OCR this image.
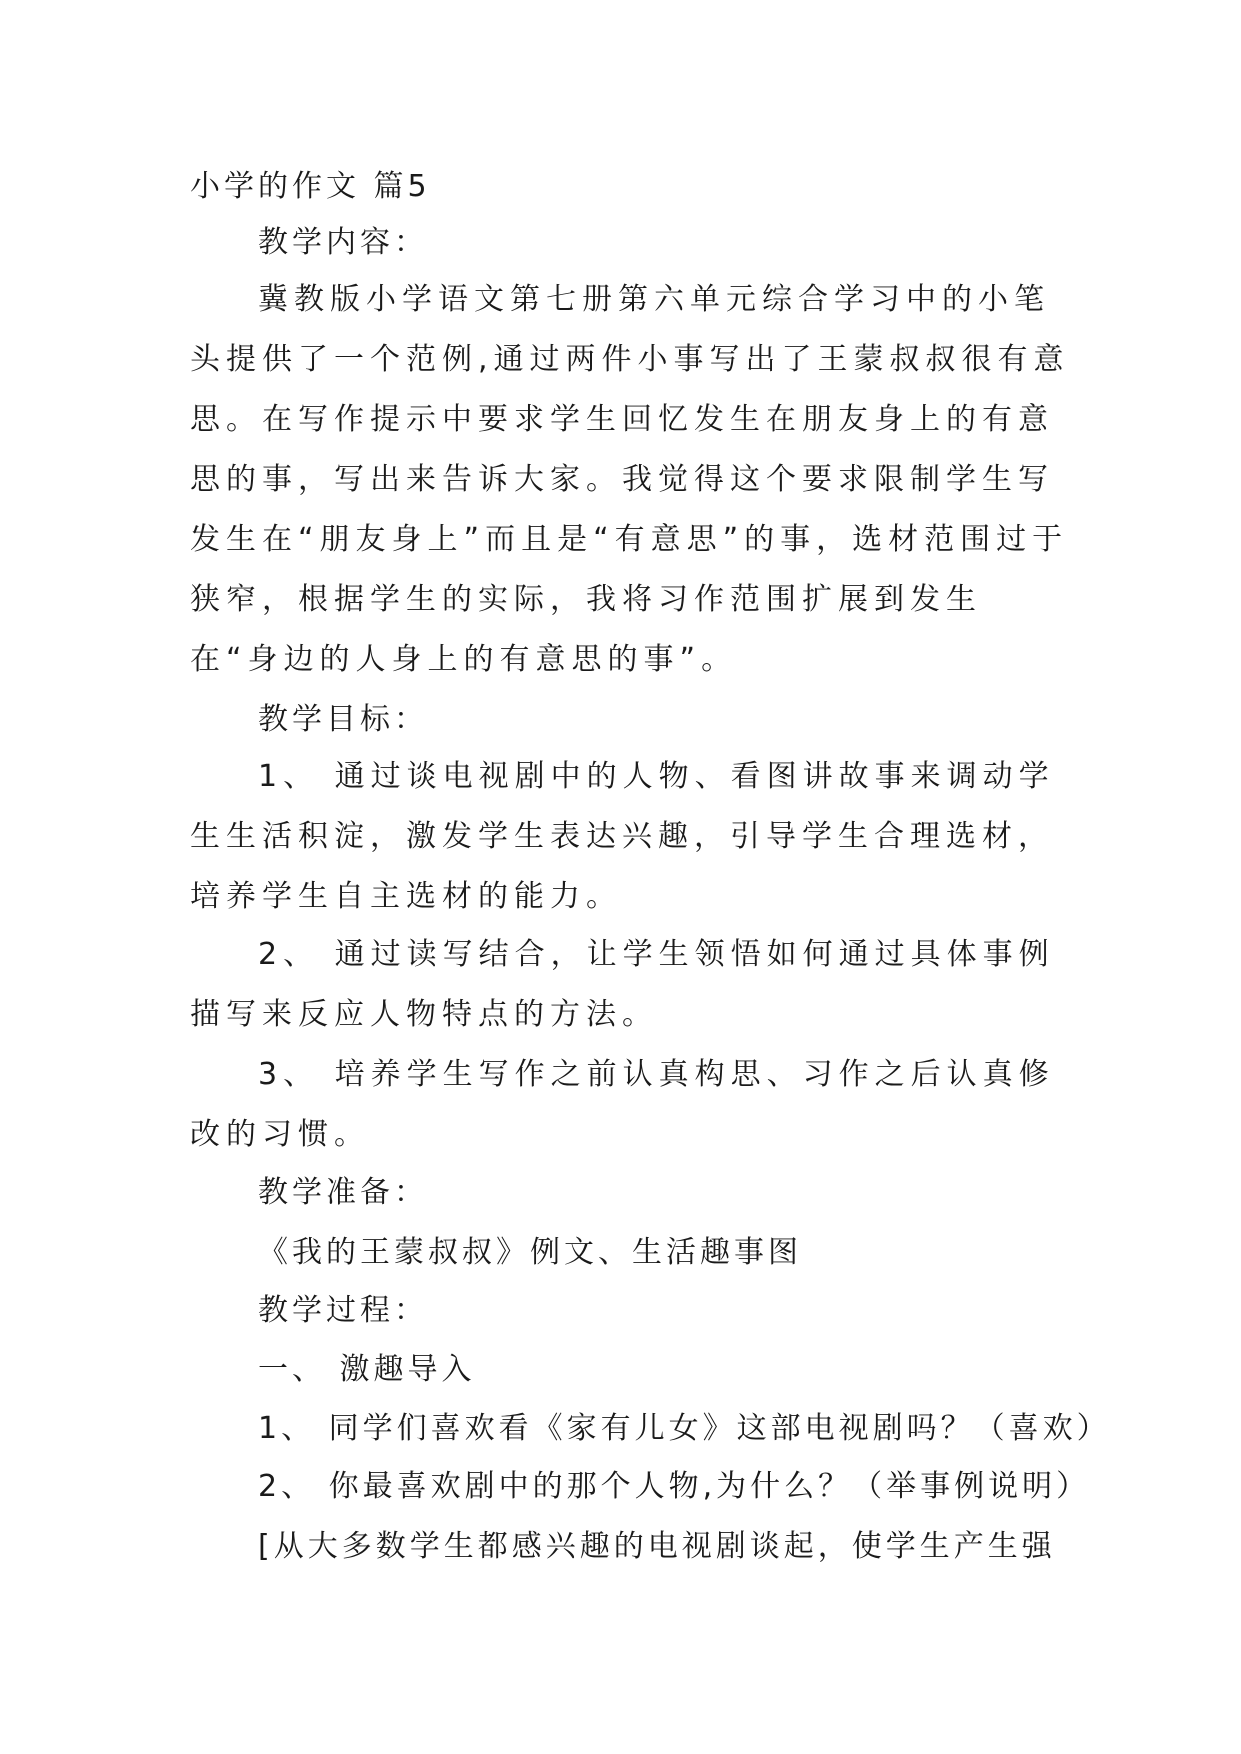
小学的作文 篇5

教学内容：

冀教版小学语文第七册第六单元综合学习中的小笔头提供了一个范例,通过两件小事写出了王蒙叔叔很有意思。在写作提示中要求学生回忆发生在朋友身上的有意思的事，写出来告诉大家。我觉得这个要求限制学生写发生在“朋友身上”而且是“有意思”的事，选材范围过于狭窄，根据学生的实际，我将习作范围扩展到发生在“身边的人身上的有意思的事”。

教学目标：

1、 通过谈电视剧中的人物、看图讲故事来调动学生生活积淀，激发学生表达兴趣，引导学生合理选材，培养学生自主选材的能力。

2、 通过读写结合，让学生领悟如何通过具体事例描写来反应人物特点的方法。

3、 培养学生写作之前认真构思、习作之后认真修改的习惯。

教学准备：

《我的王蒙叔叔》例文、生活趣事图

教学过程：

一、 激趣导入

1、 同学们喜欢看《家有儿女》这部电视剧吗？（喜欢）

2、 你最喜欢剧中的那个人物,为什么？（举事例说明）

[从大多数学生都感兴趣的电视剧谈起，使学生产生强
